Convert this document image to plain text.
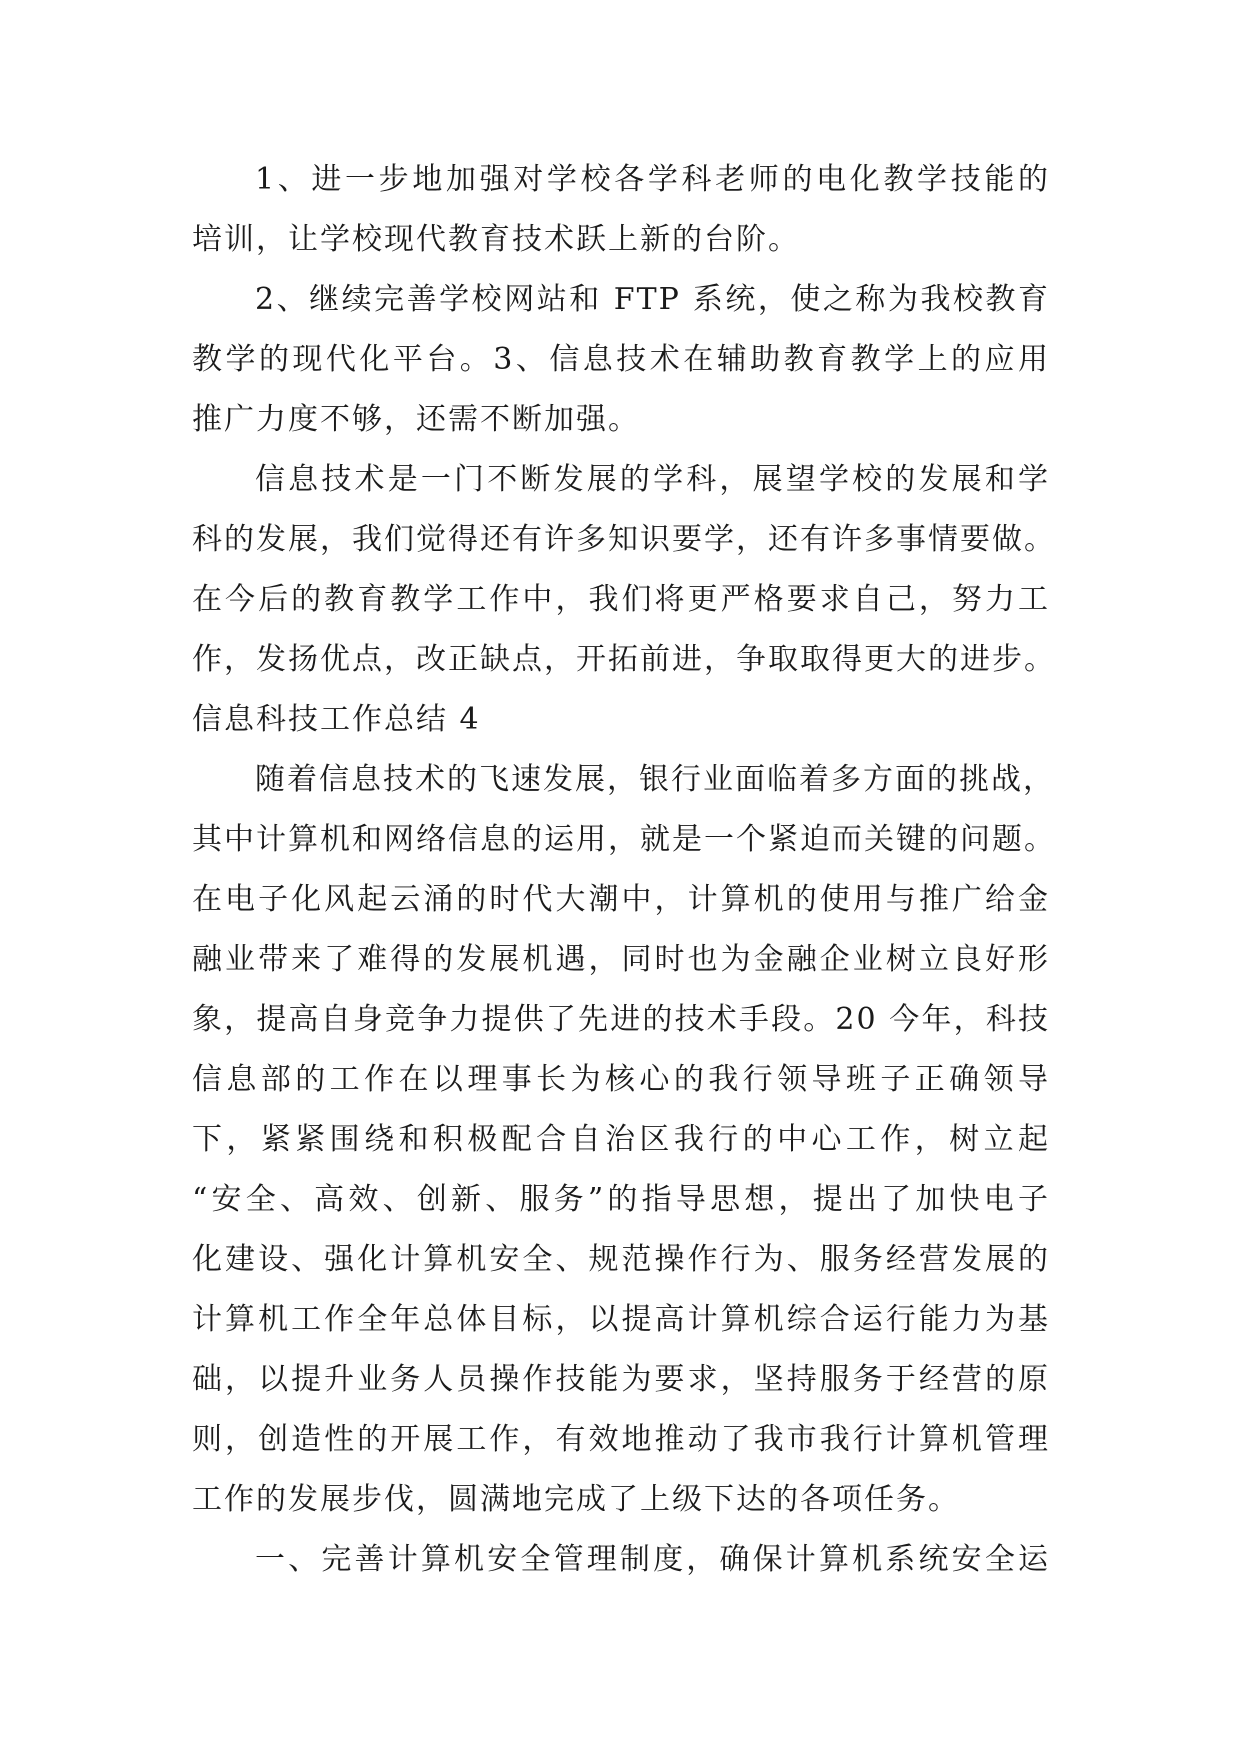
1、进一步地加强对学校各学科老师的电化教学技能的
培训，让学校现代教育技术跃上新的台阶。
2、继续完善学校网站和 FTP 系统，使之称为我校教育
教学的现代化平台。3、信息技术在辅助教育教学上的应用
推广力度不够，还需不断加强。
信息技术是一门不断发展的学科，展望学校的发展和学
科的发展，我们觉得还有许多知识要学，还有许多事情要做。
在今后的教育教学工作中，我们将更严格要求自己，努力工
作，发扬优点，改正缺点，开拓前进，争取取得更大的进步。
信息科技工作总结 4
随着信息技术的飞速发展，银行业面临着多方面的挑战，
其中计算机和网络信息的运用，就是一个紧迫而关键的问题。
在电子化风起云涌的时代大潮中，计算机的使用与推广给金
融业带来了难得的发展机遇，同时也为金融企业树立良好形
象，提高自身竞争力提供了先进的技术手段。20 今年，科技
信息部的工作在以理事长为核心的我行领导班子正确领导
下，紧紧围绕和积极配合自治区我行的中心工作，树立起
“安全、高效、创新、服务”的指导思想，提出了加快电子
化建设、强化计算机安全、规范操作行为、服务经营发展的
计算机工作全年总体目标，以提高计算机综合运行能力为基
础，以提升业务人员操作技能为要求，坚持服务于经营的原
则，创造性的开展工作，有效地推动了我市我行计算机管理
工作的发展步伐，圆满地完成了上级下达的各项任务。
一、完善计算机安全管理制度，确保计算机系统安全运
